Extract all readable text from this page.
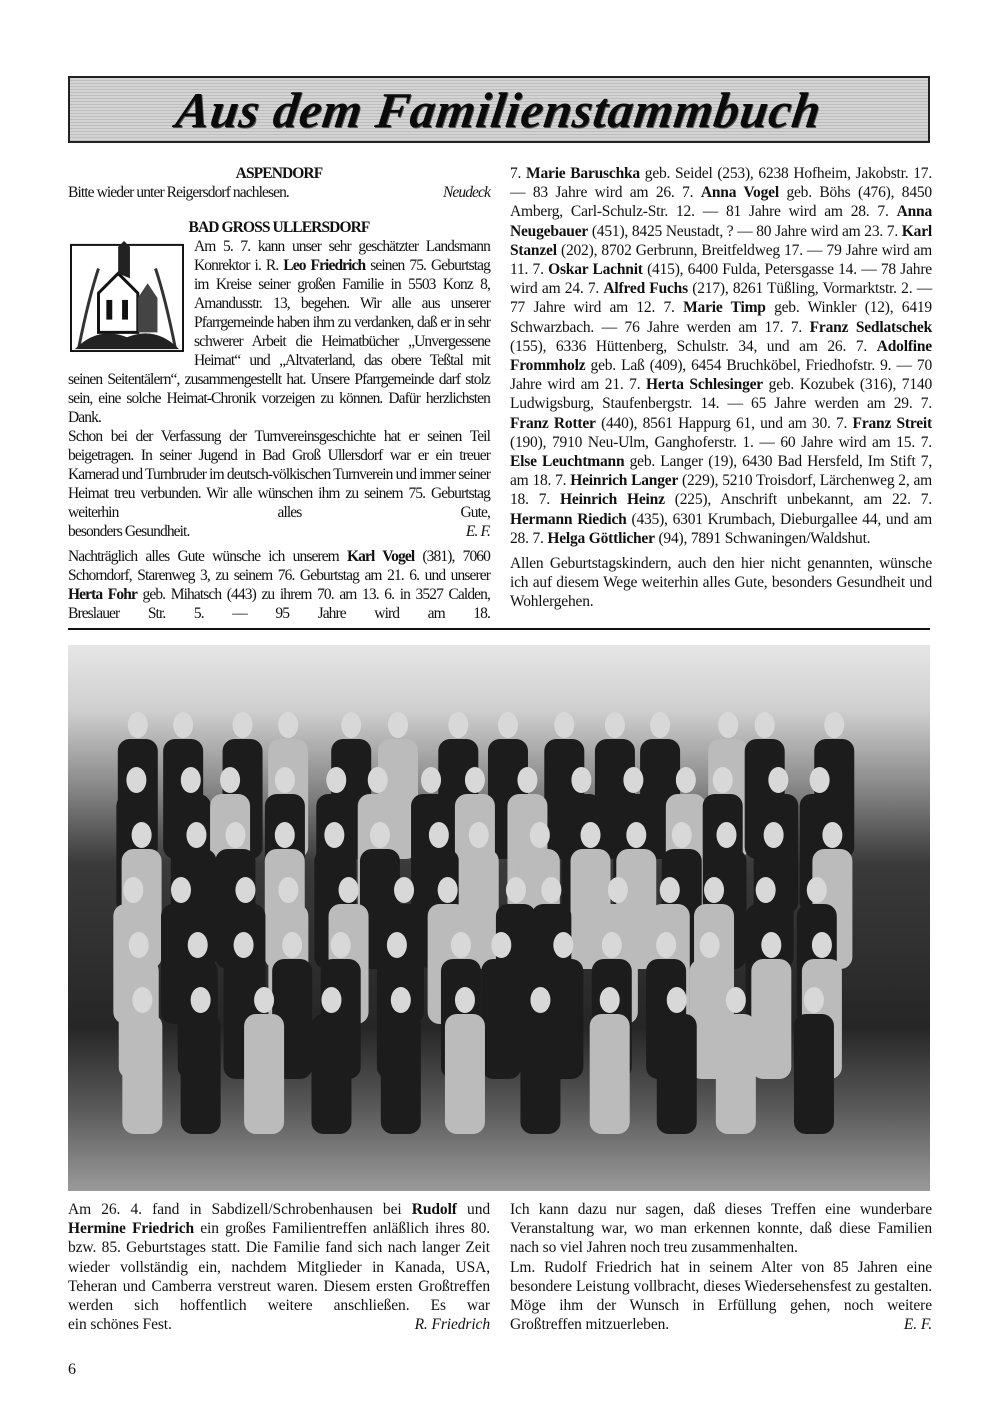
Aus dem Familienstammbuch
ASPENDORF
Bitte wieder unter Reigersdorf nachlesen.	Neudeck
BAD GROSS ULLERSDORF

Am 5. 7. kann unser sehr geschätzter Landsmann Konrektor i. R. Leo Friedrich seinen 75. Geburtstag im Kreise seiner großen Familie in 5503 Konz 8, Amandusstr. 13, begehen. Wir alle aus unserer Pfarrgemeinde haben ihm zu verdanken, daß er in sehr schwerer Arbeit die Heimatbücher „Unvergessene Heimat“ und „Altvaterland, das obere Teßtal mit seinen Seitentälern“, zusammengestellt hat. Unsere Pfarrgemeinde darf stolz sein, eine solche Heimat-Chronik vorzeigen zu können. Dafür herzlichsten Dank.

Schon bei der Verfassung der Turnvereinsgeschichte hat er seinen Teil beigetragen. In seiner Jugend in Bad Groß Ullersdorf war er ein treuer Kamerad und Turnbruder im deutsch-völkischen Turnverein und immer seiner Heimat treu verbunden. Wir alle wünschen ihm zu seinem 75. Geburtstag weiterhin alles Gute,

besonders Gesundheit.	E. F.

Nachträglich alles Gute wünsche ich unserem Karl Vogel (381), 7060 Schorndorf, Starenweg 3, zu seinem 76. Geburtstag am 21. 6. und unserer Herta Fohr geb. Mihatsch (443) zu ihrem 70. am 13. 6. in 3527 Calden, Breslauer Str. 5. — 95 Jahre wird am 18.

7. Marie Baruschka geb. Seidel (253), 6238 Hofheim, Jakobstr. 17. — 83 Jahre wird am 26. 7. Anna Vogel geb. Böhs (476), 8450 Amberg, Carl-Schulz-Str. 12. — 81 Jahre wird am 28. 7. Anna Neugebauer (451), 8425 Neustadt, ? — 80 Jahre wird am 23. 7. Karl Stanzel (202), 8702 Gerbrunn, Breitfeldweg 17. — 79 Jahre wird am 11. 7. Oskar Lachnit (415), 6400 Fulda, Petersgasse 14. — 78 Jahre wird am 24. 7. Alfred Fuchs (217), 8261 Tüßling, Vormarktstr. 2. — 77 Jahre wird am 12. 7. Marie Timp geb. Winkler (12), 6419 Schwarzbach. — 76 Jahre werden am 17. 7. Franz Sedlatschek (155), 6336 Hüttenberg, Schulstr. 34, und am 26. 7. Adolfine Frommholz geb. Laß (409), 6454 Bruchköbel, Friedhofstr. 9. — 70 Jahre wird am 21. 7. Herta Schlesinger geb. Kozubek (316), 7140 Ludwigsburg, Staufenbergstr. 14. — 65 Jahre werden am 29. 7. Franz Rotter (440), 8561 Happurg 61, und am 30. 7. Franz Streit (190), 7910 Neu-Ulm, Ganghoferstr. 1. — 60 Jahre wird am 15. 7. Else Leuchtmann geb. Langer (19), 6430 Bad Hersfeld, Im Stift 7, am 18. 7. Heinrich Langer (229), 5210 Troisdorf, Lärchenweg 2, am 18. 7. Heinrich Heinz (225), Anschrift unbekannt, am 22. 7. Hermann Riedich (435), 6301 Krumbach, Dieburgallee 44, und am 28. 7. Helga Göttlicher (94), 7891 Schwaningen/Waldshut.

Allen Geburtstagskindern, auch den hier nicht genannten, wünsche ich auf diesem Wege weiterhin alles Gute, besonders Gesundheit und Wohlergehen.

Am 26. 4. fand in Sabdizell/Schrobenhausen bei Rudolf und Hermine Friedrich ein großes Familientreffen anläßlich ihres 80. bzw. 85. Geburtstages statt. Die Familie fand sich nach langer Zeit wieder vollständig ein, nachdem Mitglieder in Kanada, USA, Teheran und Camberra verstreut waren. Diesem ersten Großtreffen werden sich hoffentlich weitere anschließen. Es war

ein schönes Fest.	R. Friedrich

Ich kann dazu nur sagen, daß dieses Treffen eine wunderbare Veranstaltung war, wo man erkennen konnte, daß diese Familien nach so viel Jahren noch treu zusammenhalten.

Lm. Rudolf Friedrich hat in seinem Alter von 85 Jahren eine besondere Leistung vollbracht, dieses Wiedersehensfest zu gestalten. Möge ihm der Wunsch in Erfüllung gehen, noch weitere

Großtreffen mitzuerleben.	E. F.
6
